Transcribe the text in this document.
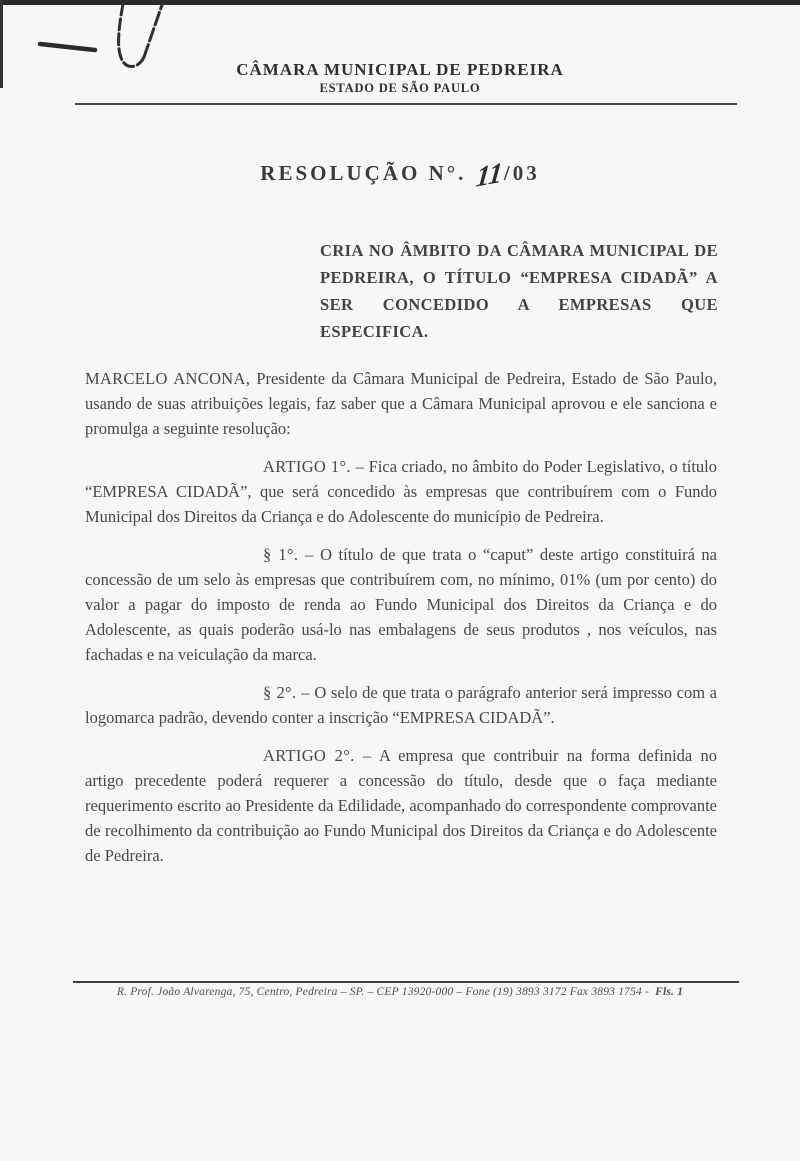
CÂMARA MUNICIPAL DE PEDREIRA
ESTADO DE SÃO PAULO
RESOLUÇÃO N°. 11/03
CRIA NO ÂMBITO DA CÂMARA MUNICIPAL DE PEDREIRA, O TÍTULO “EMPRESA CIDADÃ” A SER CONCEDIDO A EMPRESAS QUE ESPECIFICA.

MARCELO ANCONA, Presidente da Câmara Municipal de Pedreira, Estado de São Paulo, usando de suas atribuições legais, faz saber que a Câmara Municipal aprovou e ele sanciona e promulga a seguinte resolução:

ARTIGO 1°. – Fica criado, no âmbito do Poder Legislativo, o título “EMPRESA CIDADÃ”, que será concedido às empresas que contribuírem com o Fundo Municipal dos Direitos da Criança e do Adolescente do município de Pedreira.

§ 1°. – O título de que trata o “caput” deste artigo constituirá na concessão de um selo às empresas que contribuírem com, no mínimo, 01% (um por cento) do valor a pagar do imposto de renda ao Fundo Municipal dos Direitos da Criança e do Adolescente, as quais poderão usá-lo nas embalagens de seus produtos , nos veículos, nas fachadas e na veiculação da marca.

§ 2°. – O selo de que trata o parágrafo anterior será impresso com a logomarca padrão, devendo conter a inscrição “EMPRESA CIDADÃ”.

ARTIGO 2°. – A empresa que contribuir na forma definida no artigo precedente poderá requerer a concessão do título, desde que o faça mediante requerimento escrito ao Presidente da Edilidade, acompanhado do correspondente comprovante de recolhimento da contribuição ao Fundo Municipal dos Direitos da Criança e do Adolescente de Pedreira.

R. Prof. João Alvarenga, 75, Centro, Pedreira – SP. – CEP 13920-000 – Fone (19) 3893 3172 Fax 3893 1754 - Fls. 1
